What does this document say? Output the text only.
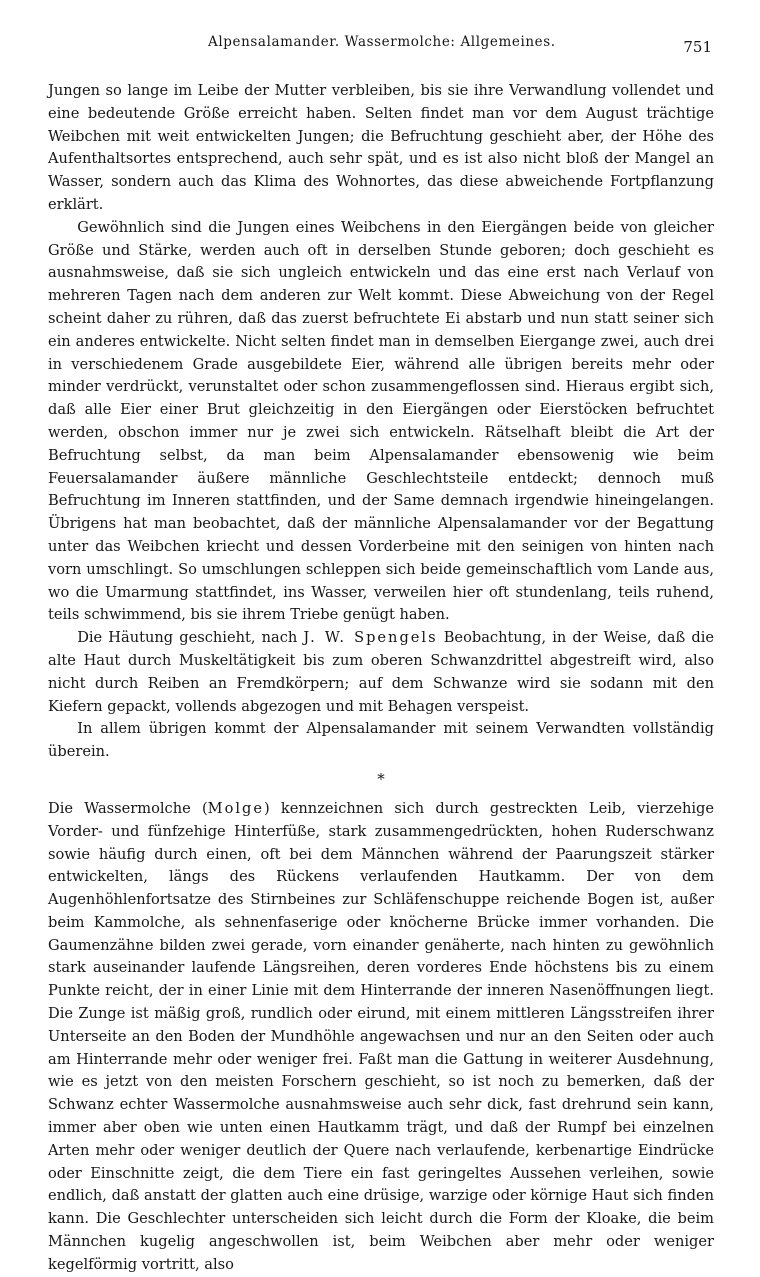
Alpensalamander. Wassermolche: Allgemeines.	751

Jungen so lange im Leibe der Mutter verbleiben, bis sie ihre Verwandlung vollendet und eine bedeutende Größe erreicht haben. Selten findet man vor dem August trächtige Weibchen mit weit entwickelten Jungen; die Befruchtung geschieht aber, der Höhe des Aufenthaltsortes entsprechend, auch sehr spät, und es ist also nicht bloß der Mangel an Wasser, sondern auch das Klima des Wohnortes, das diese abweichende Fortpflanzung erklärt.

Gewöhnlich sind die Jungen eines Weibchens in den Eiergängen beide von gleicher Größe und Stärke, werden auch oft in derselben Stunde geboren; doch geschieht es ausnahmsweise, daß sie sich ungleich entwickeln und das eine erst nach Verlauf von mehreren Tagen nach dem anderen zur Welt kommt. Diese Abweichung von der Regel scheint daher zu rühren, daß das zuerst befruchtete Ei abstarb und nun statt seiner sich ein anderes entwickelte. Nicht selten findet man in demselben Eiergange zwei, auch drei in verschiedenem Grade ausgebildete Eier, während alle übrigen bereits mehr oder minder verdrückt, verunstaltet oder schon zusammengeflossen sind. Hieraus ergibt sich, daß alle Eier einer Brut gleichzeitig in den Eiergängen oder Eierstöcken befruchtet werden, obschon immer nur je zwei sich entwickeln. Rätselhaft bleibt die Art der Befruchtung selbst, da man beim Alpensalamander ebensowenig wie beim Feuersalamander äußere männliche Geschlechtsteile entdeckt; dennoch muß Befruchtung im Inneren stattfinden, und der Same demnach irgendwie hineingelangen. Übrigens hat man beobachtet, daß der männliche Alpensalamander vor der Begattung unter das Weibchen kriecht und dessen Vorderbeine mit den seinigen von hinten nach vorn umschlingt. So umschlungen schleppen sich beide gemeinschaftlich vom Lande aus, wo die Umarmung stattfindet, ins Wasser, verweilen hier oft stundenlang, teils ruhend, teils schwimmend, bis sie ihrem Triebe genügt haben.

Die Häutung geschieht, nach J. W. Spengels Beobachtung, in der Weise, daß die alte Haut durch Muskeltätigkeit bis zum oberen Schwanzdrittel abgestreift wird, also nicht durch Reiben an Fremdkörpern; auf dem Schwanze wird sie sodann mit den Kiefern gepackt, vollends abgezogen und mit Behagen verspeist.

In allem übrigen kommt der Alpensalamander mit seinem Verwandten vollständig überein.

*

Die Wassermolche (Molge) kennzeichnen sich durch gestreckten Leib, vierzehige Vorder- und fünfzehige Hinterfüße, stark zusammengedrückten, hohen Ruderschwanz sowie häufig durch einen, oft bei dem Männchen während der Paarungszeit stärker entwickelten, längs des Rückens verlaufenden Hautkamm. Der von dem Augenhöhlenfortsatze des Stirnbeines zur Schläfenschuppe reichende Bogen ist, außer beim Kammolche, als sehnenfaserige oder knöcherne Brücke immer vorhanden. Die Gaumenzähne bilden zwei gerade, vorn einander genäherte, nach hinten zu gewöhnlich stark auseinander laufende Längsreihen, deren vorderes Ende höchstens bis zu einem Punkte reicht, der in einer Linie mit dem Hinterrande der inneren Nasenöffnungen liegt. Die Zunge ist mäßig groß, rundlich oder eirund, mit einem mittleren Längsstreifen ihrer Unterseite an den Boden der Mundhöhle angewachsen und nur an den Seiten oder auch am Hinterrande mehr oder weniger frei. Faßt man die Gattung in weiterer Ausdehnung, wie es jetzt von den meisten Forschern geschieht, so ist noch zu bemerken, daß der Schwanz echter Wassermolche ausnahmsweise auch sehr dick, fast drehrund sein kann, immer aber oben wie unten einen Hautkamm trägt, und daß der Rumpf bei einzelnen Arten mehr oder weniger deutlich der Quere nach verlaufende, kerbenartige Eindrücke oder Einschnitte zeigt, die dem Tiere ein fast geringeltes Aussehen verleihen, sowie endlich, daß anstatt der glatten auch eine drüsige, warzige oder körnige Haut sich finden kann. Die Geschlechter unterscheiden sich leicht durch die Form der Kloake, die beim Männchen kugelig angeschwollen ist, beim Weibchen aber mehr oder weniger kegelförmig vortritt, also
